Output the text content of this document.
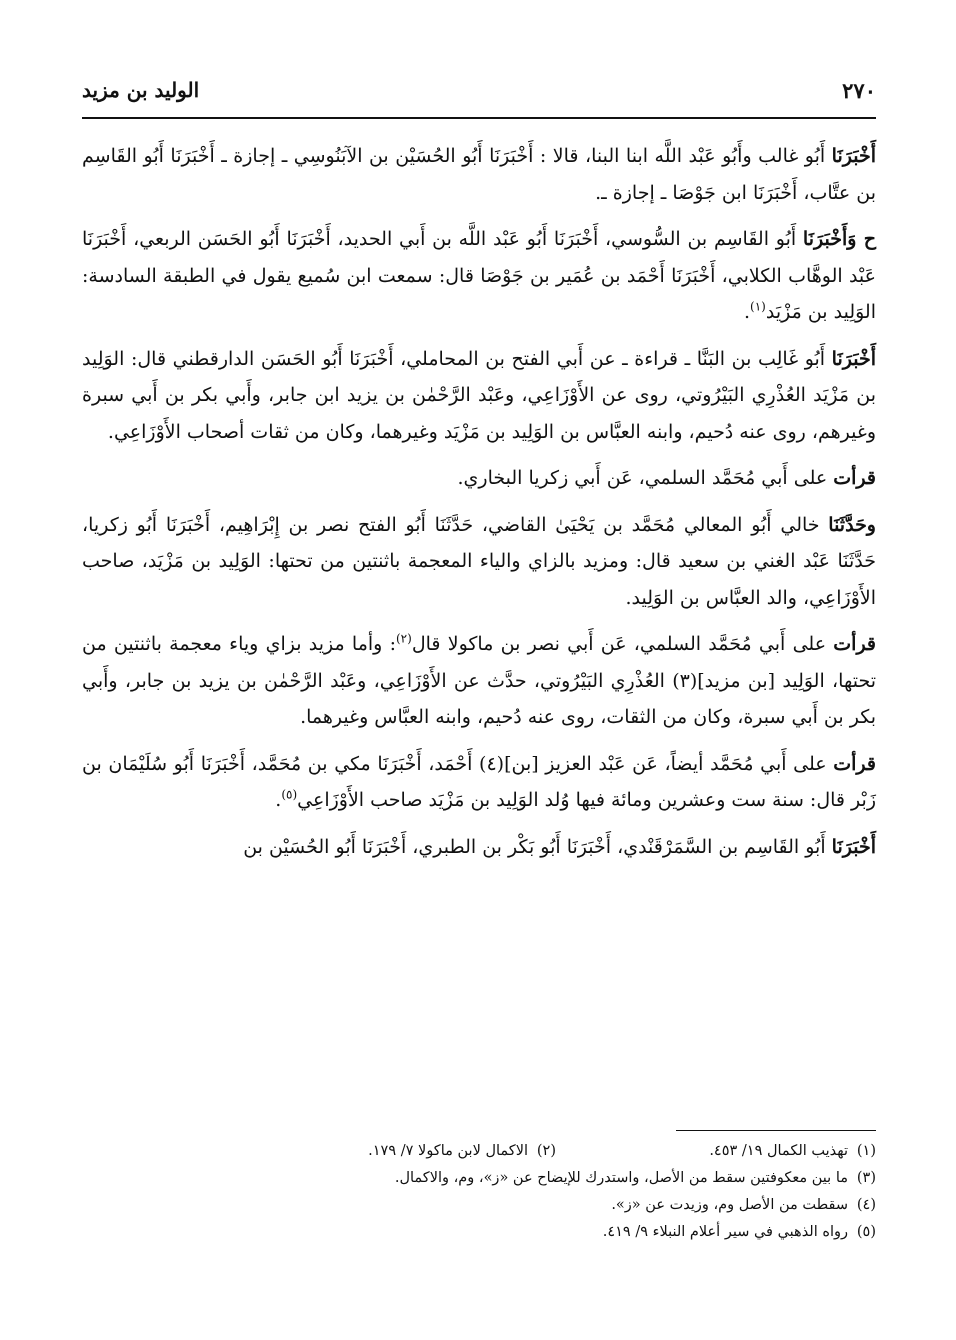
٢٧٠
الوليد بن مزيد

أَخْبَرَنَا أَبُو غالب وأَبُو عَبْد اللَّه ابنا البنا، قالا : أَخْبَرَنَا أَبُو الحُسَيْن بن الآبَنُوسِي ـ إجازة ـ أَخْبَرَنَا أَبُو القَاسِم بن عتَّاب، أَخْبَرَنَا ابن جَوْصَا ـ إجازة ـ.

ح وَأَخْبَرَنَا أَبُو القَاسِم بن السُّوسي، أَخْبَرَنَا أَبُو عَبْد اللَّه بن أَبي الحديد، أَخْبَرَنَا أَبُو الحَسَن الربعي، أَخْبَرَنَا عَبْد الوهَّاب الكلابي، أَخْبَرَنَا أَحْمَد بن عُمَير بن جَوْصَا قال: سمعت ابن سُميع يقول في الطبقة السادسة: الوَلِيد بن مَزْيَد$^{(١)}$.

أَخْبَرَنَا أَبُو غَالِب بن البَنَّا ـ قراءة ـ عن أَبي الفتح بن المحاملي، أَخْبَرَنَا أَبُو الحَسَن الدارقطني قال: الوَلِيد بن مَزْيَد العُذْرِي البَيْرُوتي، روى عن الأَوْزَاعِي، وعَبْد الرَّحْمٰن بن يزيد ابن جابر، وأَبي بكر بن أَبي سبرة وغيرهم، روى عنه دُحيم، وابنه العبَّاس بن الوَلِيد بن مَزْيَد وغيرهما، وكان من ثقات أصحاب الأَوْزَاعِي.

قرأت على أَبي مُحَمَّد السلمي، عَن أَبي زكريا البخاري.

وحَدَّثَنَا خالي أَبُو المعالي مُحَمَّد بن يَحْيَىٰ القاضي، حَدَّثَنَا أَبُو الفتح نصر بن إِبْرَاهِيم، أَخْبَرَنَا أَبُو زكريا، حَدَّثَنَا عَبْد الغني بن سعيد قال: ومزيد بالزاي والياء المعجمة باثنتين من تحتها: الوَلِيد بن مَزْيَد، صاحب الأَوْزَاعِي، والد العبَّاس بن الوَلِيد.

قرأت على أَبي مُحَمَّد السلمي، عَن أَبي نصر بن ماكولا قال$^{(٢)}$: وأما مزيد بزاي وياء معجمة باثنتين من تحتها، الوَلِيد [بن مزيد](٣) العُذْرِي البَيْرُوتي، حدَّث عن الأَوْزَاعِي، وعَبْد الرَّحْمٰن بن يزيد بن جابر، وأَبي بكر بن أَبي سبرة، وكان من الثقات، روى عنه دُحيم، وابنه العبَّاس وغيرهما.

قرأت على أَبي مُحَمَّد أيضاً، عَن عَبْد العزيز [بن](٤) أَحْمَد، أَخْبَرَنَا مكي بن مُحَمَّد، أَخْبَرَنَا أَبُو سُلَيْمَان بن زَبْر قال: سنة ست وعشرين ومائة فيها وُلد الوَلِيد بن مَزْيَد صاحب الأَوْزَاعِي$^{(٥)}$.

أَخْبَرَنَا أَبُو القَاسِم بن السَّمَرْقَنْدي، أَخْبَرَنَا أَبُو بَكْر بن الطبري، أَخْبَرَنَا أَبُو الحُسَيْن بن

(١)تهذيب الكمال ١٩/ ٤٥٣.
(٢)الاكمال لابن ماكولا ٧/ ١٧٩.
(٣)
ما بين معكوفتين سقط من الأصل، واستدرك للإيضاح عن «ز»، وم، والاكمال.
(٤)
سقطت من الأصل وم، وزيدت عن «ز».
(٥)
رواه الذهبي في سير أعلام النبلاء ٩/ ٤١٩.
